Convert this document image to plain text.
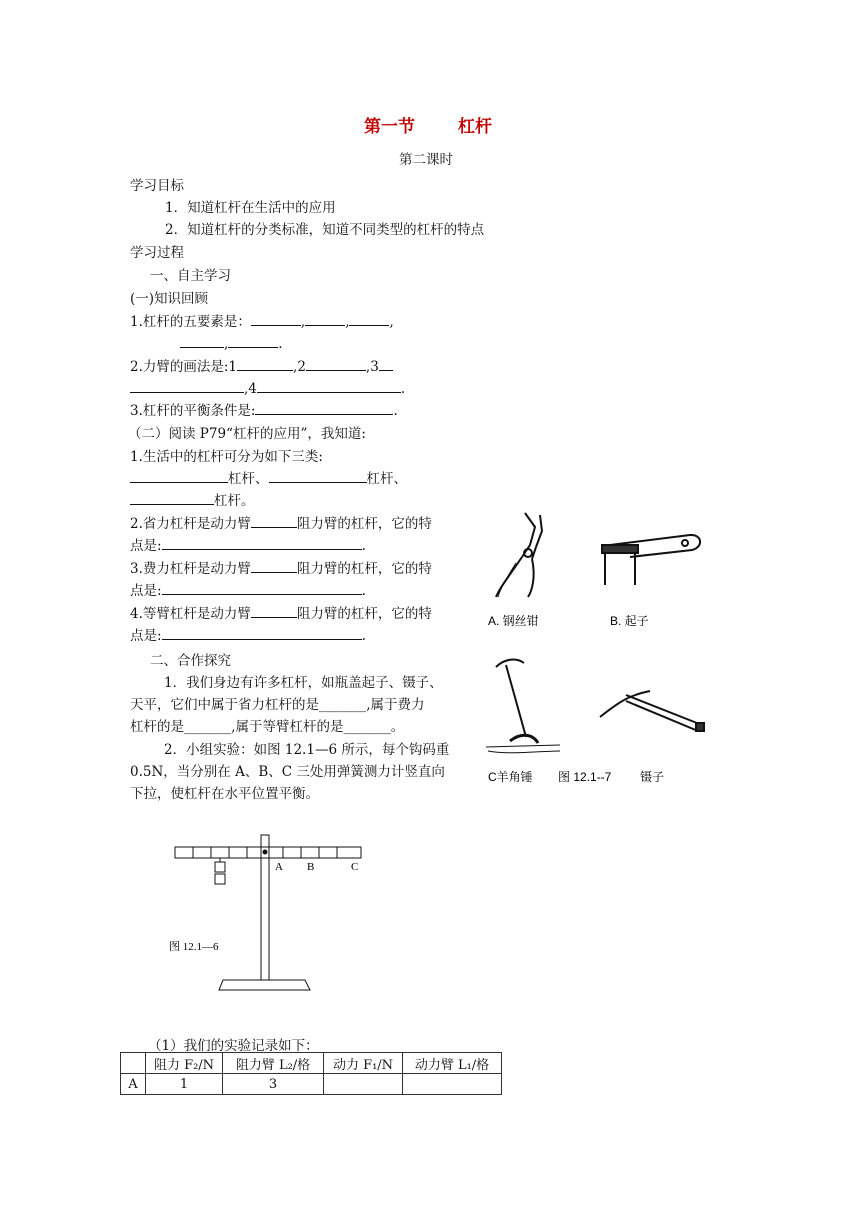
第一节	杠杆
第二课时
学习目标
1．知道杠杆在生活中的应用
2．知道杠杆的分类标准，知道不同类型的杠杆的特点
学习过程
一、自主学习
(一)知识回顾
1.杠杆的五要素是：	,	,	,
,	.
2.力臂的画法是:1	,2	,3
,4	.
3.杠杆的平衡条件是:	.
（二）阅读 P79“杠杆的应用”，我知道:
1.生活中的杠杆可分为如下三类:
杠杆、	杠杆、
杠杆。
2.省力杠杆是动力臂	阻力臂的杠杆，它的特
点是:	.
3.费力杠杆是动力臂	阻力臂的杠杆，它的特
点是:	.
4.等臂杠杆是动力臂	阻力臂的杠杆，它的特
点是:	.
二、合作探究
1．我们身边有许多杠杆，如瓶盖起子、镊子、
天平，它们中属于省力杠杆的是_______,属于费力
杠杆的是_______,属于等臂杠杆的是_______。
2．小组实验：如图 12.1—6 所示，每个钩码重
0.5N，当分别在 A、B、C 三处用弹簧测力计竖直向
下拉，使杠杆在水平位置平衡。
A. 钢丝钳	B. 起子
C羊角锤 图 12.1--7 镊子
A B	C
图 12.1—6
（1）我们的实验记录如下：
	阻力 F₂/N	阻力臂 L₂/格	动力 F₁/N	动力臂 L₁/格
A	1	3		
